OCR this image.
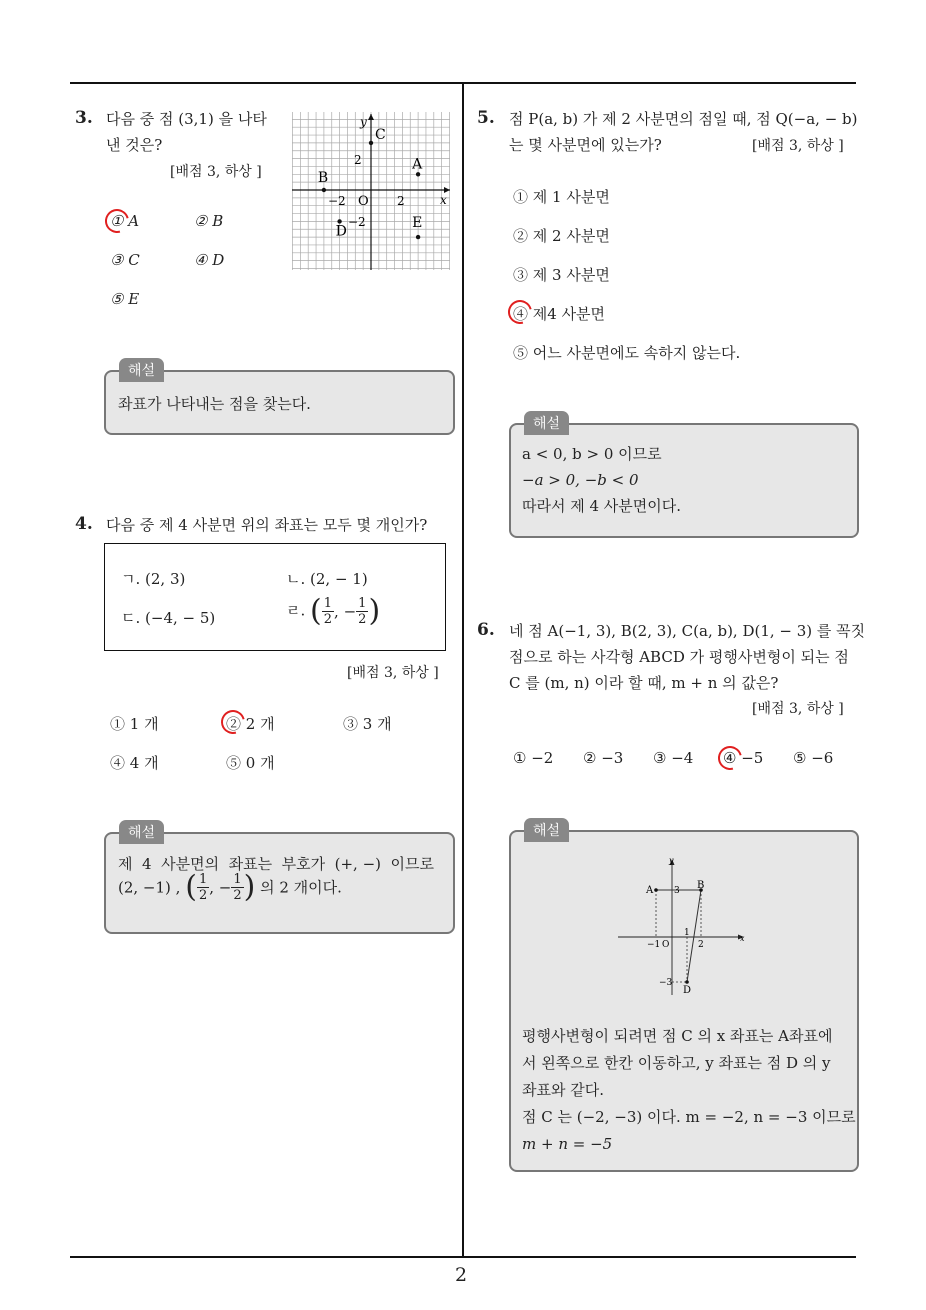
2
3. 다음 중 점 (3,1) 을 나타
낸 것은?
[배점 3, 하상 ]
x
y
O
2
−2	2
−2
C
A
B
D
E
① A	② B
③ C	④ D
⑤ E
해설
좌표가 나타내는 점을 찾는다.
4. 다음 중 제 4 사분면 위의 좌표는 모두 몇 개인가?
ㄱ. (2, 3)	ㄴ. (2, − 1)
ㄷ. (−4, − 5)	ㄹ. ( $\frac{1}{2}$ , − $\frac{1}{2}$ )
[배점 3, 하상 ]
① 1 개	② 2 개	③ 3 개
④ 4 개	⑤ 0 개
해설
제  4  사분면의  좌표는  부호가  (+, −)  이므로
(2, −1) , ( $\frac{1}{2}$ , − $\frac{1}{2}$ ) 의 2 개이다.
5. 점 P(a, b) 가 제 2 사분면의 점일 때, 점 Q(−a, − b)
는 몇 사분면에 있는가?	[배점 3, 하상 ]
① 제 1 사분면
② 제 2 사분면
③ 제 3 사분면
④ 제4 사분면
⑤ 어느 사분면에도 속하지 않는다.
해설
a < 0, b > 0 이므로
−a > 0, −b < 0
따라서 제 4 사분면이다.
6. 네 점 A(−1, 3), B(2, 3), C(a, b), D(1, − 3) 를 꼭짓
점으로 하는 사각형 ABCD 가 평행사변형이 되는 점
C 를 (m, n) 이라 할 때, m + n 의 값은?
[배점 3, 하상 ]
① −2 ② −3 ③ −4 ④ −5 ⑤ −6
해설
x
y
A	B
D
3
1
2
−1 O
−3
평행사변형이 되려면 점 C 의 x 좌표는 A좌표에
서 왼쪽으로 한칸 이동하고, y 좌표는 점 D 의 y
좌표와 같다.
점 C 는 (−2, −3) 이다. m = −2, n = −3 이므로
m + n = −5
